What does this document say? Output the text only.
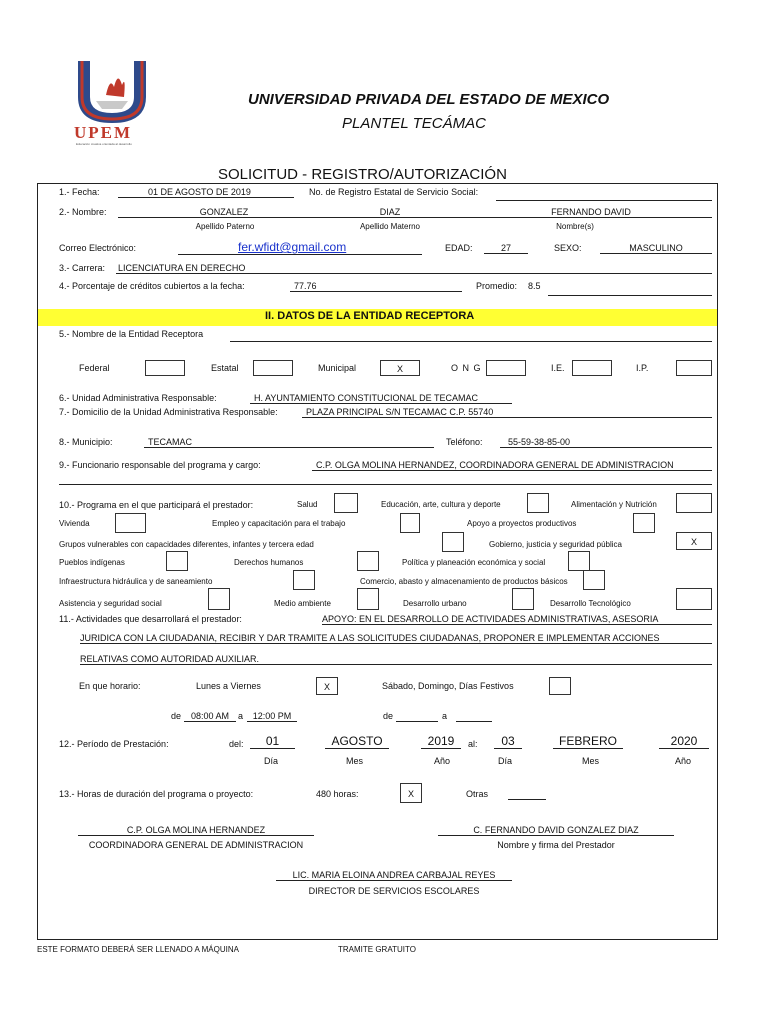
UPEM
Educación creativa orientada al desarrollo
UNIVERSIDAD PRIVADA DEL ESTADO DE MEXICO
PLANTEL TECÁMAC
SOLICITUD - REGISTRO/AUTORIZACIÓN
1.- Fecha:	01 DE AGOSTO DE 2019	No. de Registro Estatal de Servicio Social:
2.- Nombre:	GONZALEZ	DIAZ	FERNANDO DAVID
Apellido Paterno	Apellido Materno	Nombre(s)
Correo Electrónico:	fer.wfidt@gmail.com	EDAD:	27	SEXO:	MASCULINO
3.- Carrera: LICENCIATURA EN DERECHO
4.- Porcentaje de créditos cubiertos a la fecha:	77.76	Promedio: 8.5
II. DATOS DE LA ENTIDAD RECEPTORA
5.- Nombre de la Entidad Receptora
Federal	Estatal	Municipal	X	O N G	I.E.	I.P.
6.- Unidad Administrativa Responsable:	H. AYUNTAMIENTO CONSTITUCIONAL DE TECAMAC
7.- Domicilio de la Unidad Administrativa Responsable:	PLAZA PRINCIPAL S/N TECAMAC C.P. 55740
8.- Municipio:	TECAMAC	Teléfono:	55-59-38-85-00
9.- Funcionario responsable del programa y cargo:	C.P. OLGA MOLINA HERNANDEZ, COORDINADORA GENERAL DE ADMINISTRACION
10.- Programa en el que participará el prestador:	Salud	Educación, arte, cultura y deporte	Alimentación y Nutrición
Vivienda	Empleo y capacitación para el trabajo	Apoyo a proyectos productivos
Grupos vulnerables con capacidades diferentes, infantes y tercera edad	Gobierno, justicia y seguridad pública	X
Pueblos indígenas	Derechos humanos	Política y planeación económica y social
Infraestructura hidráulica y de saneamiento	Comercio, abasto y almacenamiento de productos básicos
Asistencia y seguridad social	Medio ambiente	Desarrollo urbano	Desarrollo Tecnológico
11.- Actividades que desarrollará el prestador:	APOYO: EN EL DESARROLLO DE ACTIVIDADES ADMINISTRATIVAS, ASESORIA
JURIDICA CON LA CIUDADANIA, RECIBIR Y DAR TRAMITE A LAS SOLICITUDES CIUDADANAS, PROPONER E IMPLEMENTAR ACCIONES
RELATIVAS COMO AUTORIDAD AUXILIAR.
En que horario:	Lunes a Viernes	X	Sábado, Domingo, Días Festivos
de	08:00 AM a	12:00 PM	de	a
12.- Período de Prestación:	del:	01	AGOSTO	2019	al:	03	FEBRERO	2020
Día	Mes	Año	Día	Mes	Año
13.- Horas de duración del programa o proyecto:	480 horas:	X	Otras
C.P. OLGA MOLINA HERNANDEZ
COORDINADORA GENERAL DE ADMINISTRACION
C. FERNANDO DAVID GONZALEZ DIAZ
Nombre y firma del Prestador
LIC. MARIA ELOINA ANDREA CARBAJAL REYES
DIRECTOR DE SERVICIOS ESCOLARES
ESTE FORMATO DEBERÁ SER LLENADO A MÁQUINA	TRAMITE GRATUITO
